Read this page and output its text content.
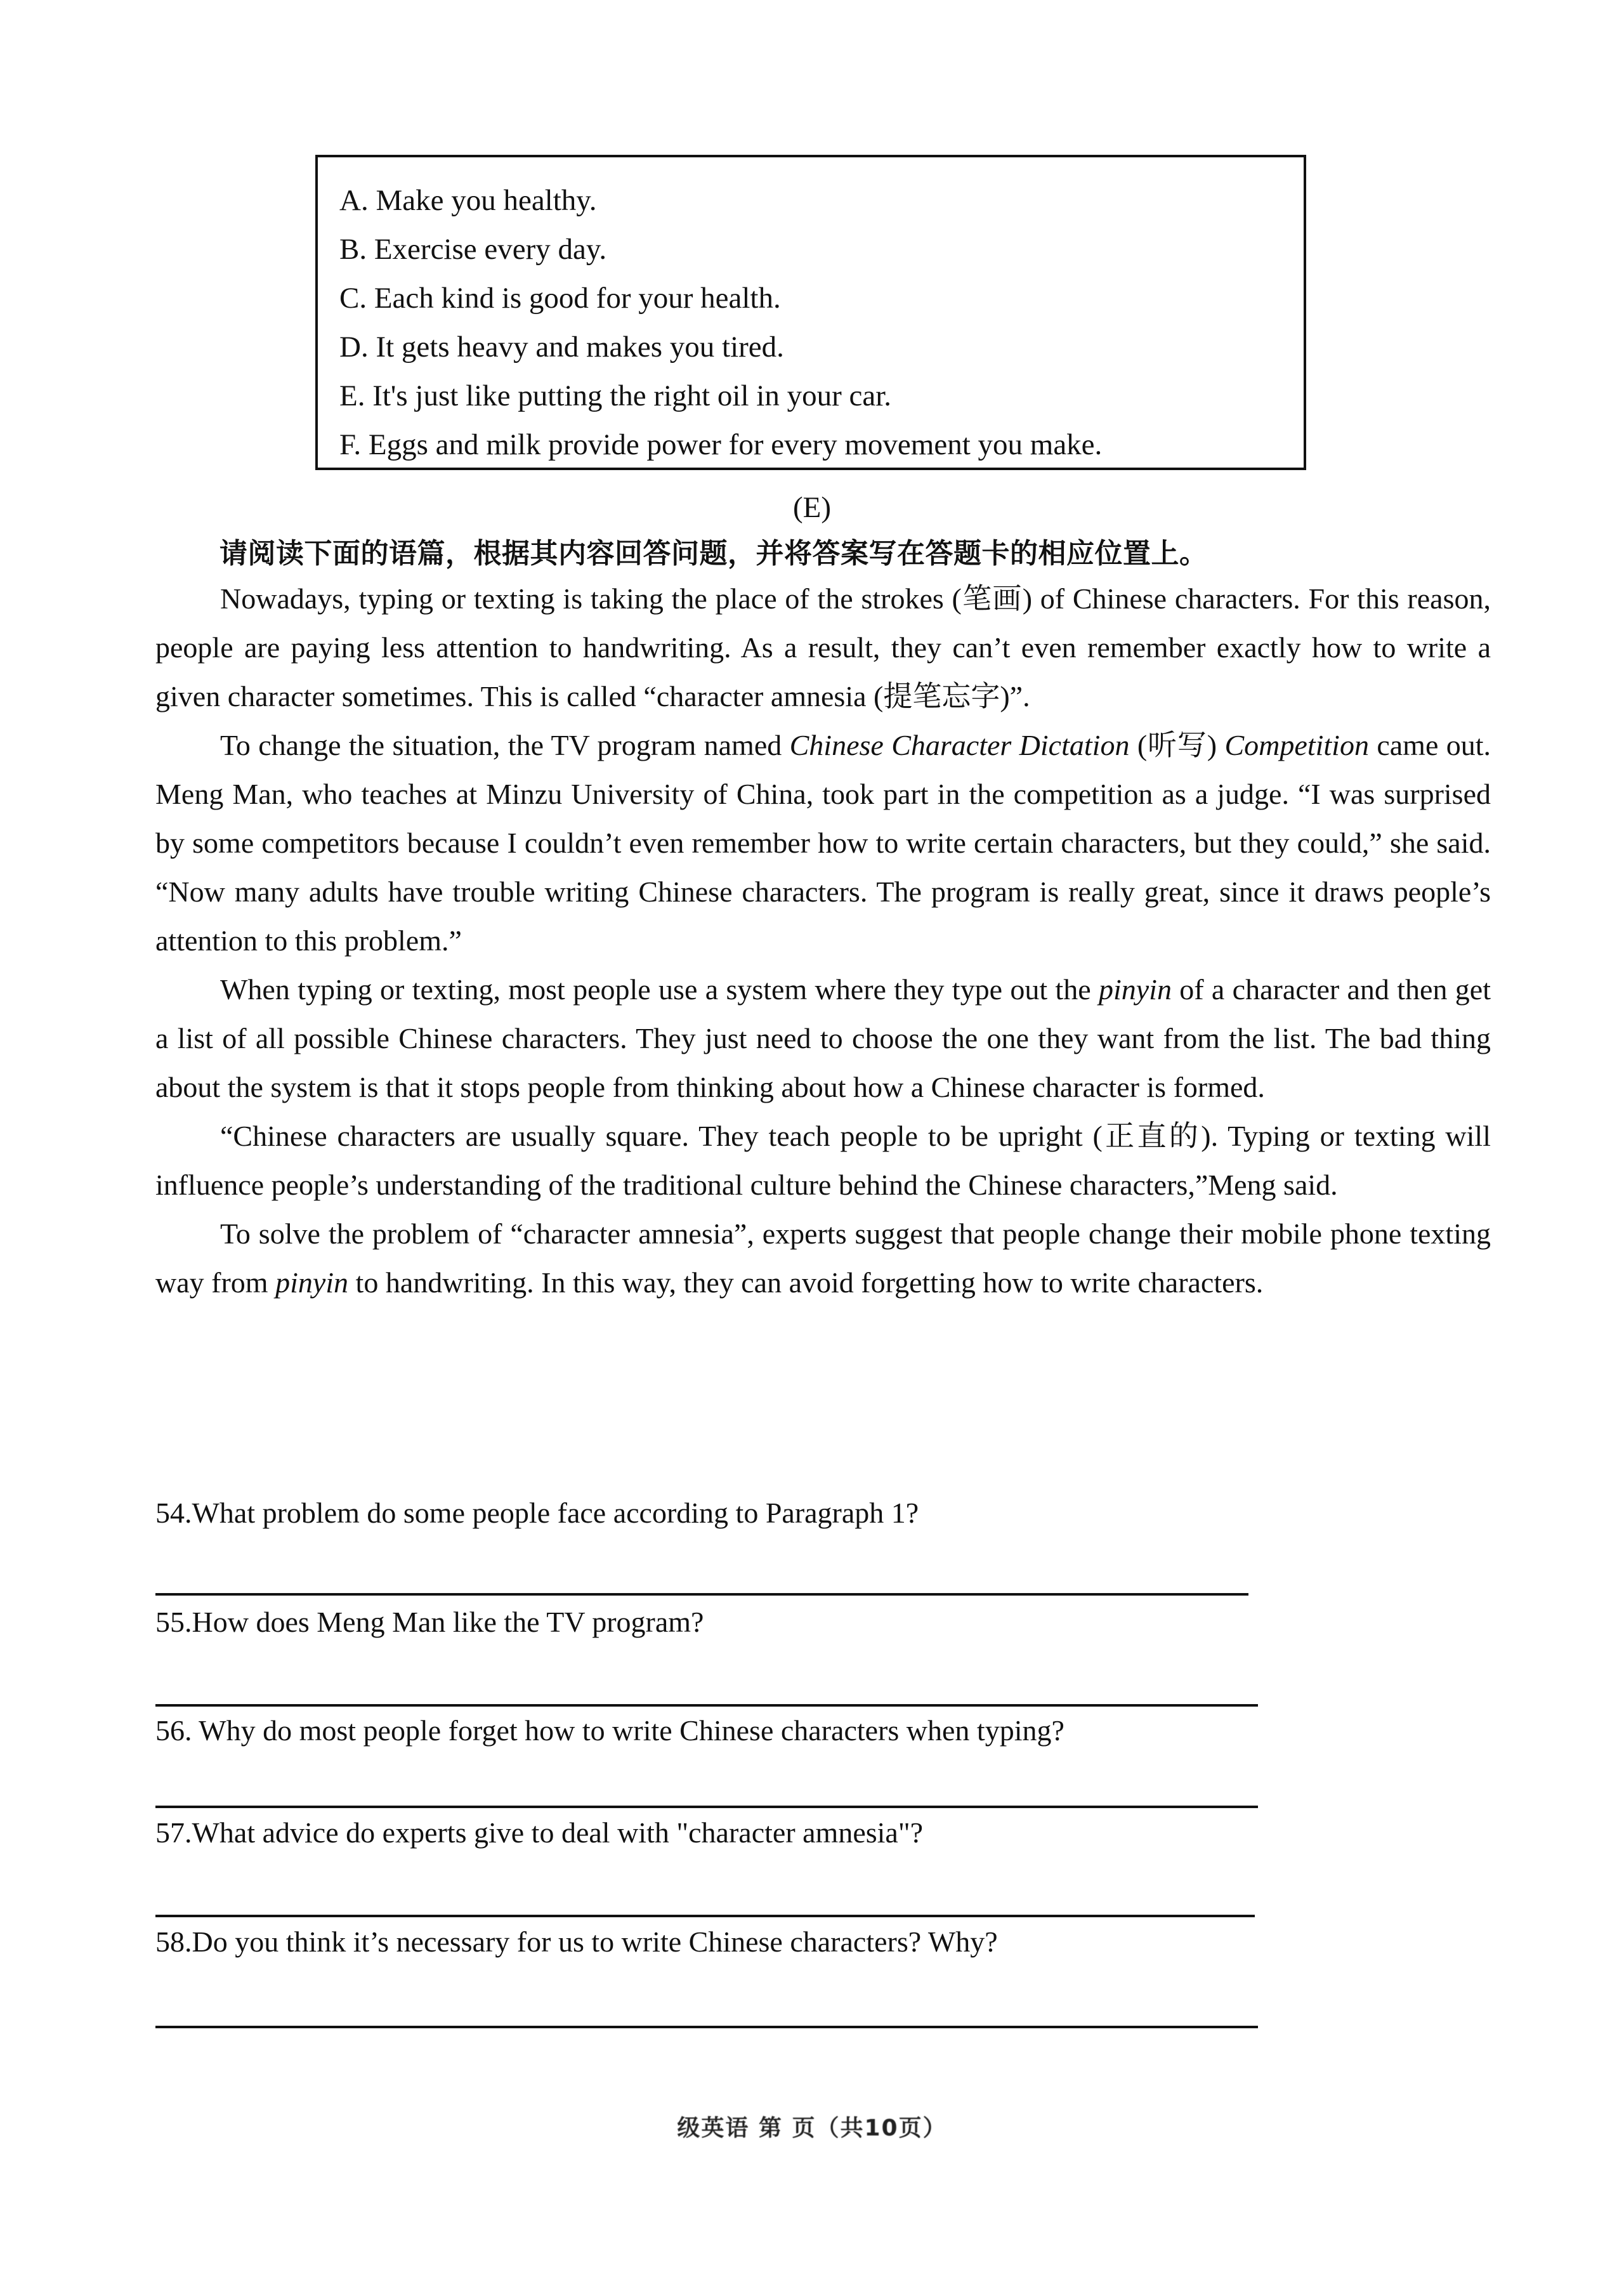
A. Make you healthy.
B. Exercise every day.
C. Each kind is good for your health.
D. It gets heavy and makes you tired.
E. It's just like putting the right oil in your car.
F. Eggs and milk provide power for every movement you make.
(E)
请阅读下面的语篇，根据其内容回答问题，并将答案写在答题卡的相应位置上。

Nowadays, typing or texting is taking the place of the strokes (笔画) of Chinese characters. For this reason, people are paying less attention to handwriting. As a result, they can’t even remember exactly how to write a given character sometimes. This is called “character amnesia (提笔忘字)”.

To change the situation, the TV program named Chinese Character Dictation (听写) Competition came out. Meng Man, who teaches at Minzu University of China, took part in the competition as a judge. “I was surprised by some competitors because I couldn’t even remember how to write certain characters, but they could,” she said. “Now many adults have trouble writing Chinese characters. The program is really great, since it draws people’s attention to this problem.”

When typing or texting, most people use a system where they type out the pinyin of a character and then get a list of all possible Chinese characters. They just need to choose the one they want from the list. The bad thing about the system is that it stops people from thinking about how a Chinese character is formed.

“Chinese characters are usually square. They teach people to be upright (正直的). Typing or texting will influence people’s understanding of the traditional culture behind the Chinese characters,”Meng said.

To solve the problem of “character amnesia”, experts suggest that people change their mobile phone texting way from pinyin to handwriting. In this way, they can avoid forgetting how to write characters.

54.What problem do some people face according to Paragraph 1?
55.How does Meng Man like the TV program?
56. Why do most people forget how to write Chinese characters when typing?
57.What advice do experts give to deal with "character amnesia"?
58.Do you think it’s necessary for us to write Chinese characters? Why?
级英语 第 页（共10页）
